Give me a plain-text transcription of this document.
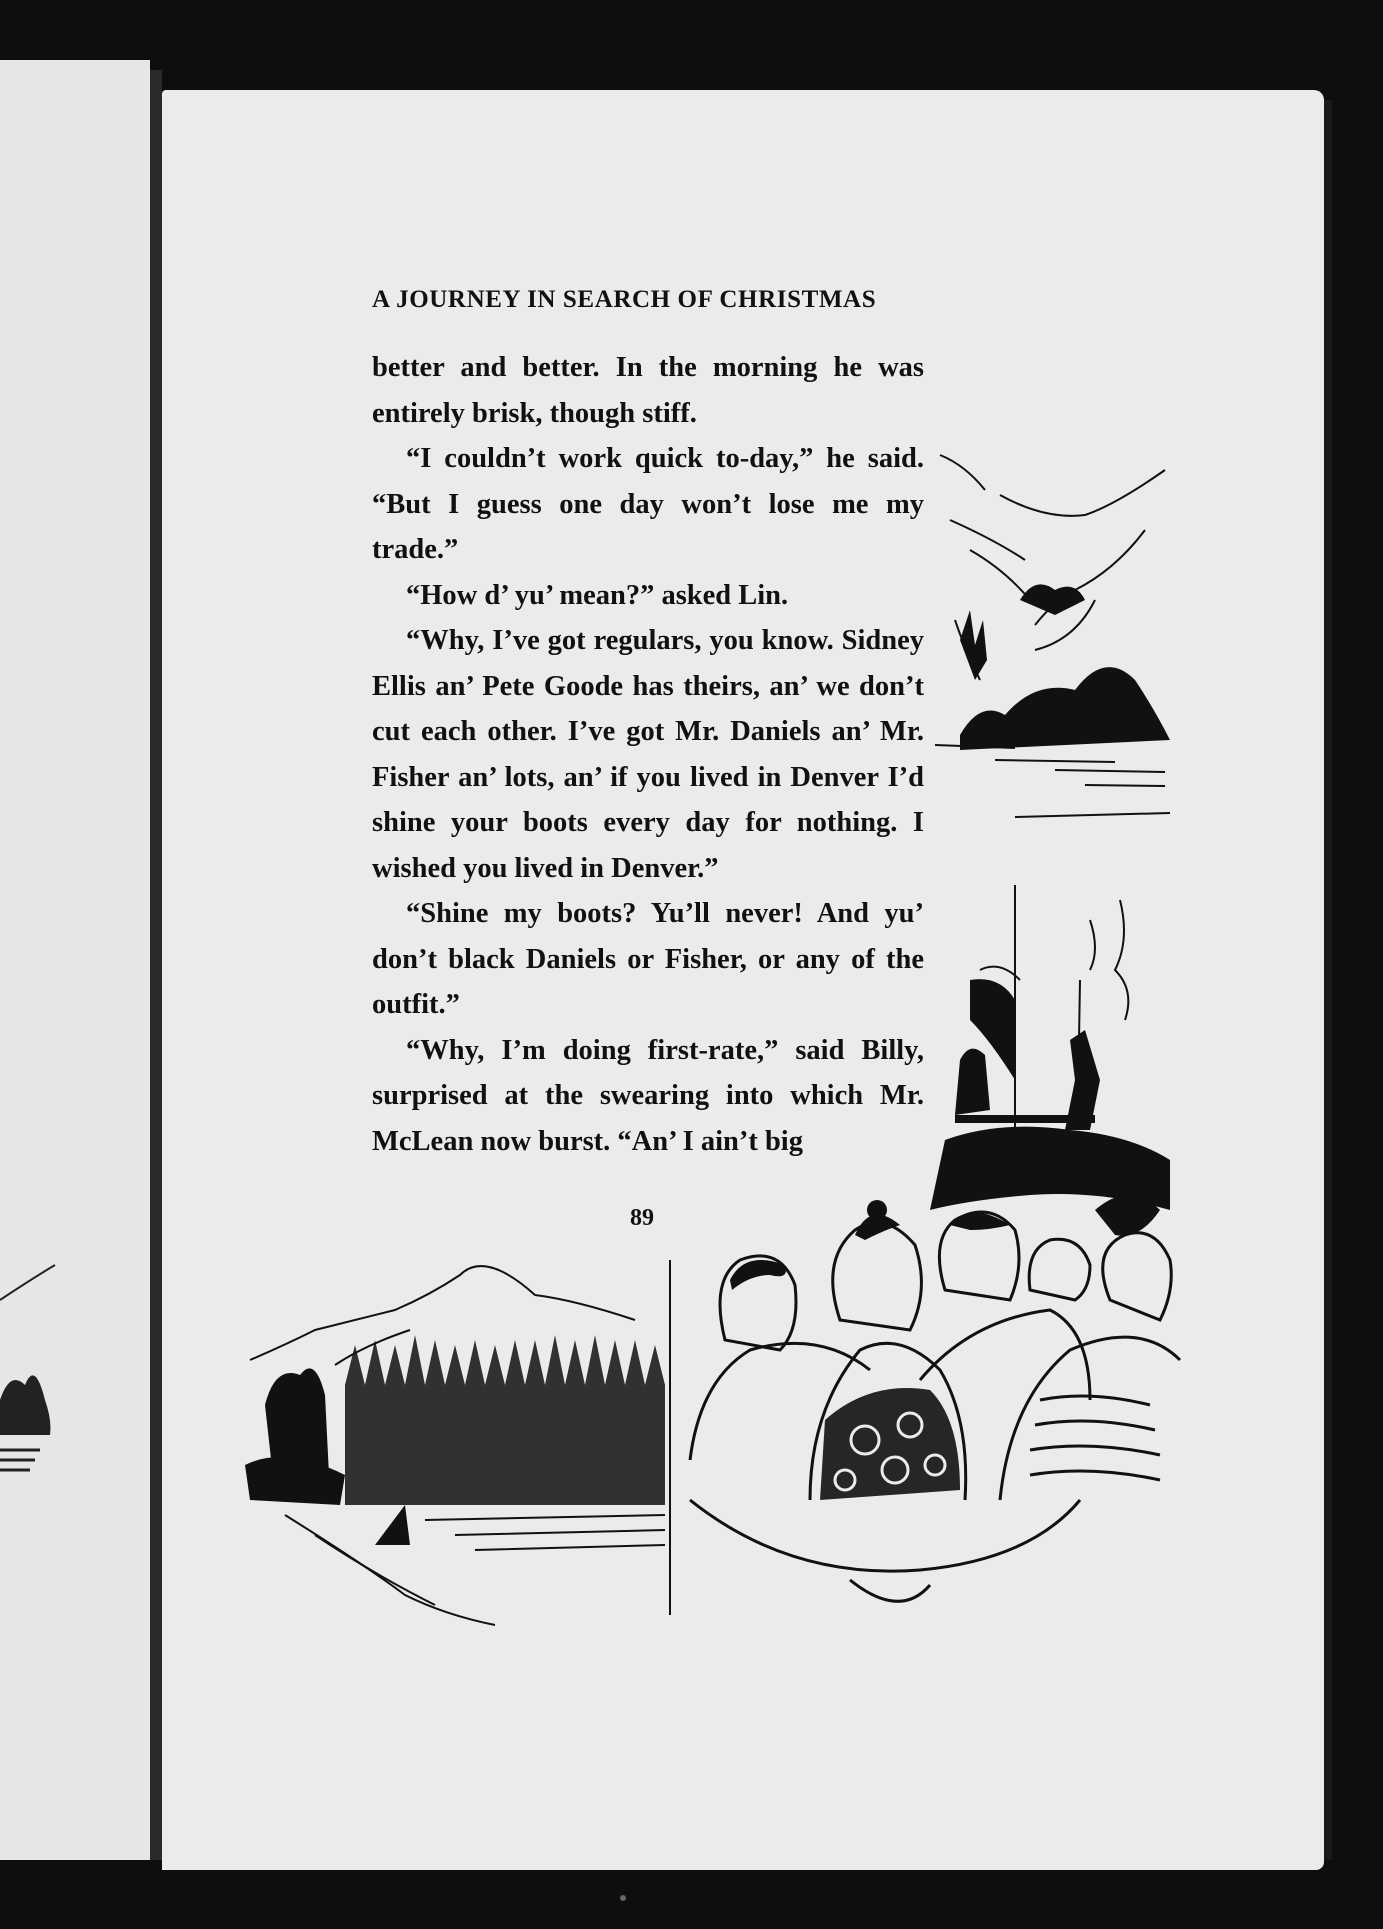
A JOURNEY IN SEARCH OF CHRISTMAS

better and better. In the morning he was entirely brisk, though stiff.

“I couldn’t work quick to-day,” he said. “But I guess one day won’t lose me my trade.”

“How d’ yu’ mean?” asked Lin.

“Why, I’ve got regulars, you know. Sidney Ellis an’ Pete Goode has theirs, an’ we don’t cut each other. I’ve got Mr. Daniels an’ Mr. Fisher an’ lots, an’ if you lived in Denver I’d shine your boots every day for nothing. I wished you lived in Denver.”

“Shine my boots? Yu’ll never! And yu’ don’t black Daniels or Fisher, or any of the outfit.”

“Why, I’m doing first-rate,” said Billy, surprised at the swearing into which Mr. McLean now burst. “An’ I ain’t big

89
